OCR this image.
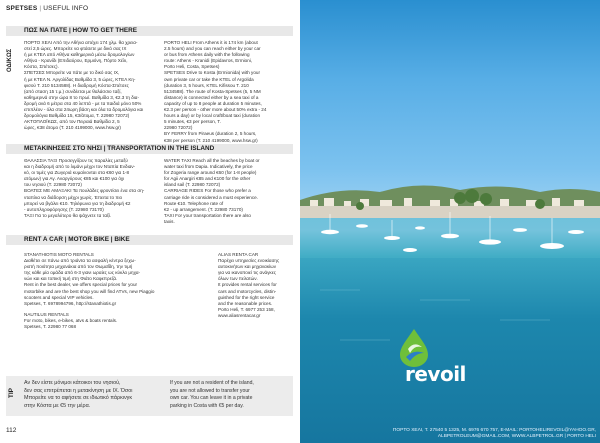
SPETSES | USEFUL INFO
ΠΩΣ ΝΑ ΠΑΤΕ | HOW TO GET THERE
ΟΔΙΚΩΣ
ΠΟΡΤΟ ΧΕΛΙ Από την Αθήνα απέχει 174 χλμ. θα χρεια-
στεί 2,5 ώρες. Μπορείτε να φτάσετε με δικό σας ΙΧ
ή με ΚΤΕΛ από Αθήνα καθημερινά μέσω δρομολογίων
Αθήνα - Κρανίδι (Επιδαύρου, Ερμιόνη, Πόρτο Χέλι,
Κόστα, Σπέτσες).
ΣΠΕΤΣΕΣ Μπορείτε να πάτε με το δικό σας IX,
ή με ΚΤΕΛ Ν. Αργολίδας Βαθμίδα 3, 5 ώρες, ΚΤΕΛ Κη-
φισού Τ. 210 5134588). Η διαδρομή Κόστα-Σπέτσες
(από σταση 15 τ.μ.) συνδέεται με θαλάσσιο ταξί,
καθημερινά στην ώρα 8 το πρωί. Βαθμίδα 3, €2.3 τη δια-
δρομή ανά 6 μέτρα στα 40 λεπτά - με τα παιδιά μόνο 50%
επιπλέον - όλα στα 24ωρη βάση και όλα τα δρομολόγια και
δρομολόγια Βαθμίδα 15, €3/άτομα, Τ. 22980 72072)
ΑΚΤΟΠΛΟΪΚΩΣ, από τον Πειραιά Βαθμίδα 2, 5
ώρες, €38 άτομο (Τ. 210 4199000, www.hsw.gr)
PORTO HELI From Athens it is 174 km (about
2.5 hours) and you can reach either by your car
or bus from Athens daily with the following
route: Athens - Kranidi (Epidavros, Ermioni,
Porto Heli, Costa, Spetses)
SPETSES Drive to Kosta (Ermionida) with your
own private car or take the KTEL of Argolida
(duration 3, 5 hours, KTEL Kifissou T. 210
5134588). The route of Kosta-Spetses (5, 5 NM
distance) is connected either by a sea taxi of a
capacity of up to 8 people at duration 5 minutes,
€2.3 per person - other more about 50% extra - 24
hours a day) or by local craft/boat taxi (duration
5 minutes, €3 per person, T.
22980 72072)
BY FERRY from Piraeus (duration 2, 5 hours,
€38 per person (T. 210 4199000, www.hsw.gr)
ΜΕΤΑΚΙΝΗΣΕΙΣ ΣΤΟ ΝΗΣΙ | TRANSPORTATION IN THE ISLAND
ΘΑΛΑΣΣΙΑ ΤΑΞΙ Προσεγγίζουν τις παραλίες μεταξύ
και η διαδρομή από το λιμάνι μέχρι τον Νταπία Ενδιαν-
κό, οι τιμές για Ζωγεριά κυμαίνονται στα €60 για 1-8
ατόμων) για Αγ. Αναργύρους €85 και €100 για όχι
του νησιού (Τ. 22980 72072)
ΒΟΛΤΕΣ ΜΕ ΑΜΑΞΑΚΙ Τα πουλάδες φροντίσει ένα στα ση-
νταπλια να διάδορση μέχρι χωρίς. Έπειτα το πιο
μπορεί να βγάλει €10. Τηλέφωνα για τη διαδρομή €2
- αυτοπληροφόρησης (Τ. 22980 73170)
ΤΑΞΙ Για το μεγαλύτερο θα ψάχνετε τα ταξί.
WATER TAXI Reach all the beaches by boat or
water taxi from Dapia. Indicatively, the price
for Zogeria range around €60 (for 1-8 people)
for Agii Anargiri €85 and €100 for the other
island sail (T. 22980 72072)
CARRIAGE RIDES For those who prefer a
carriage ride is considered a must experience.
Route €10. Telephone rate of
€2 - up arrangement. (T. 22980 73170)
TAXI For your transportation there are also
taxis.
RENT A CAR | MOTOR BIKE | BIKE
STANATHIOTIS MOTO RENTALS
Διαθέτει σε πάνω από τριάντα τα ασφαλή κέντρα ξεχω-
ριστή ποιότητα μηχανάκια από τον Θωμαΐδη, την τιμή
της κάθε μία ομάδα από 6-3 γιανι ωραίες ως κύκλο μηχα-
νών και και τοπική τιμή στη Φιάτο Καφεπρεζά.
Rent in the best dealer, we offers special prices for your
motorbike and are the best shop you will find ATVs, new Piaggio
scooters and special VIP vehicles.
Spetses, T. 6978994796, http://stanathiotis.gr
NAUTILUS RENTALS
For moto, bikes, e-bikes, atvs & boats rentals.
Spetses, T. 22980 77 068
ALIAS RENTA CAR
Παρέχει υπηρεσίες ενοικίασης
αυτοκινήτων και μηχανακίων
για να ικανοποιεί τις ανάγκες
όλων των πελατών.
It provides rental services for
cars and motorcycles, distin-
guished for the right service
and the reasonable prices.
Porto Heli, T. 6977 253 158,
www.aliasrentacar.gr
TIP
Αν δεν είστε μόνιμοι κάτοικοι του νησιού,
δεν σας επιτρέπεται η μετακίνηση με IX. Όσοι
Μπορείτε να το αφήσετε σε ιδιωτικό πάρκινγκ
στην Κόστα με €5 την μέρα.
If you are not a resident of the island,
you are not allowed to transfer your
own car. You can leave it in a private
parking in Costa with €5 per day.
112
revoil
ΠΟΡΤΟ ΧΕΛΙ, Τ. 27540 5 1325, Μ. 6976 670 757, E-MAIL: PORTOHELIREVOIL@YAHOO.GR,
ALBPETROLEUM@GMAIL.COM, WWW.ALBPETROL.GR | PORTO HELI
